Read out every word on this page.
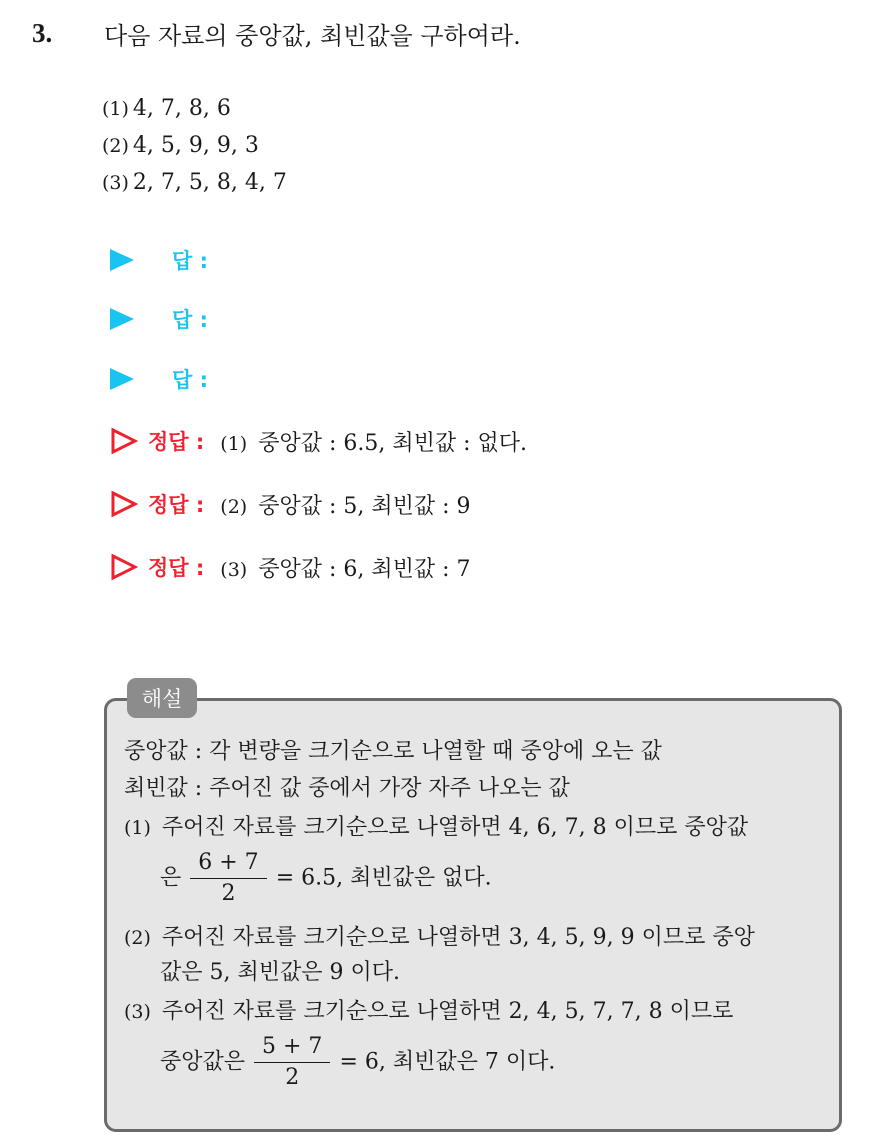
3. 다음 자료의 중앙값, 최빈값을 구하여라.
(1) 4, 7, 8, 6
(2) 4, 5, 9, 9, 3
(3) 2, 7, 5, 8, 4, 7
답 :
답 :
답 :
정답 : (1) 중앙값 : 6.5, 최빈값 : 없다.
정답 : (2) 중앙값 : 5, 최빈값 : 9
정답 : (3) 중앙값 : 6, 최빈값 : 7
해설
중앙값 : 각 변량을 크기순으로 나열할 때 중앙에 오는 값
최빈값 : 주어진 값 중에서 가장 자주 나오는 값
(1) 주어진 자료를 크기순으로 나열하면 4, 6, 7, 8 이므로 중앙값
은 $\frac{6 + 7}{2} = 6.5$, 최빈값은 없다.
(2) 주어진 자료를 크기순으로 나열하면 3, 4, 5, 9, 9 이므로 중앙
값은 5, 최빈값은 9 이다.
(3) 주어진 자료를 크기순으로 나열하면 2, 4, 5, 7, 7, 8 이므로
중앙값은 $\frac{5 + 7}{2} = 6$, 최빈값은 7 이다.
